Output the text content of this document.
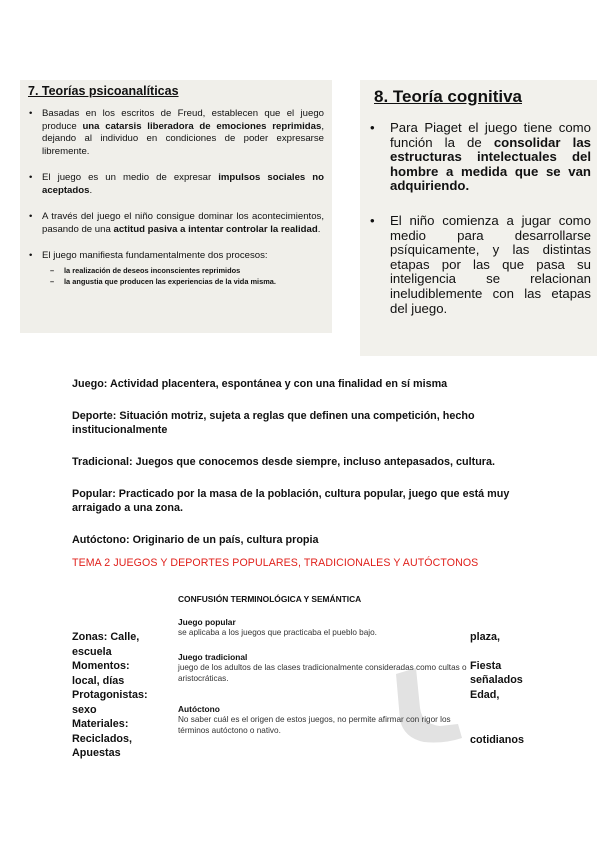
7. Teorías psicoanalíticas
• Basadas en los escritos de Freud, establecen que el juego produce una catarsis liberadora de emociones reprimidas, dejando al individuo en condiciones de poder expresarse libremente.
• El juego es un medio de expresar impulsos sociales no aceptados.
• A través del juego el niño consigue dominar los acontecimientos, pasando de una actitud pasiva a intentar controlar la realidad.
• El juego manifiesta fundamentalmente dos procesos:
– la realización de deseos inconscientes reprimidos
– la angustia que producen las experiencias de la vida misma.
8. Teoría cognitiva
• Para Piaget el juego tiene como función la de consolidar las estructuras intelectuales del hombre a medida que se van adquiriendo.
• El niño comienza a jugar como medio para desarrollarse psíquicamente, y las distintas etapas por las que pasa su inteligencia se relacionan ineludiblemente con las etapas del juego.

Juego: Actividad placentera, espontánea y con una finalidad en sí misma

Deporte: Situación motriz, sujeta a reglas que definen una competición, hecho institucionalmente

Tradicional: Juegos que conocemos desde siempre, incluso antepasados, cultura.

Popular: Practicado por la masa de la población, cultura popular, juego que está muy arraigado a una zona.

Autóctono: Originario de un país, cultura propia

TEMA 2 JUEGOS Y DEPORTES POPULARES, TRADICIONALES Y AUTÓCTONOS
CONFUSIÓN TERMINOLÓGICA Y SEMÁNTICA
Juego popular
se aplicaba a los juegos que practicaba el pueblo bajo.
Juego tradicional
juego de los adultos de las clases tradicionalmente consideradas como cultas o aristocráticas.
Autóctono
No saber cuál es el origen de estos juegos, no permite afirmar con rigor los términos autóctono o nativo.
Zonas: Calle,
escuela
Momentos:
local, días
Protagonistas:
sexo
Materiales:
Reciclados,
Apuestas
plaza,
Fiesta
señalados
Edad,
cotidianos
